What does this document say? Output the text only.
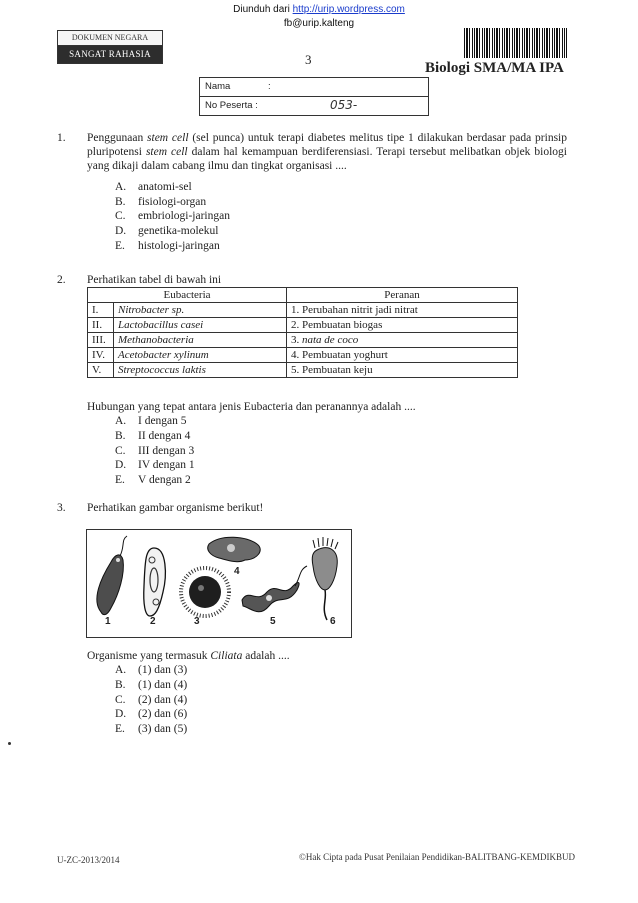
Diunduh dari http://urip.wordpress.com
fb@urip.kalteng
DOKUMEN NEGARA
SANGAT RAHASIA	3
Biologi SMA/MA IPA
Nama	:
No Peserta :	053-
1. Penggunaan stem cell (sel punca) untuk terapi diabetes melitus tipe 1 dilakukan berdasar pada prinsip pluripotensi stem cell dalam hal kemampuan berdiferensiasi. Terapi tersebut melibatkan objek biologi yang dikaji dalam cabang ilmu dan tingkat organisasi ....
A. anatomi-sel
B. fisiologi-organ
C. embriologi-jaringan
D. genetika-molekul
E. histologi-jaringan
2. Perhatikan tabel di bawah ini
Eubacteria		Peranan
I.	Nitrobacter sp.	1. Perubahan nitrit jadi nitrat
II.	Lactobacillus casei	2. Pembuatan biogas
III.	Methanobacteria	3. nata de coco
IV.	Acetobacter xylinum	4. Pembuatan yoghurt
V.	Streptococcus laktis	5. Pembuatan keju
Hubungan yang tepat antara jenis Eubacteria dan peranannya adalah ....
A. I dengan 5
B. II dengan 4
C. III dengan 3
D. IV dengan 1
E. V dengan 2
3. Perhatikan gambar organisme berikut!
1	2	3
4
5	6
Organisme yang termasuk Ciliata adalah ....
A. (1) dan (3)
B. (1) dan (4)
C. (2) dan (4)
D. (2) dan (6)
E. (3) dan (5)
U-ZC-2013/2014	©Hak Cipta pada Pusat Penilaian Pendidikan-BALITBANG-KEMDIKBUD
